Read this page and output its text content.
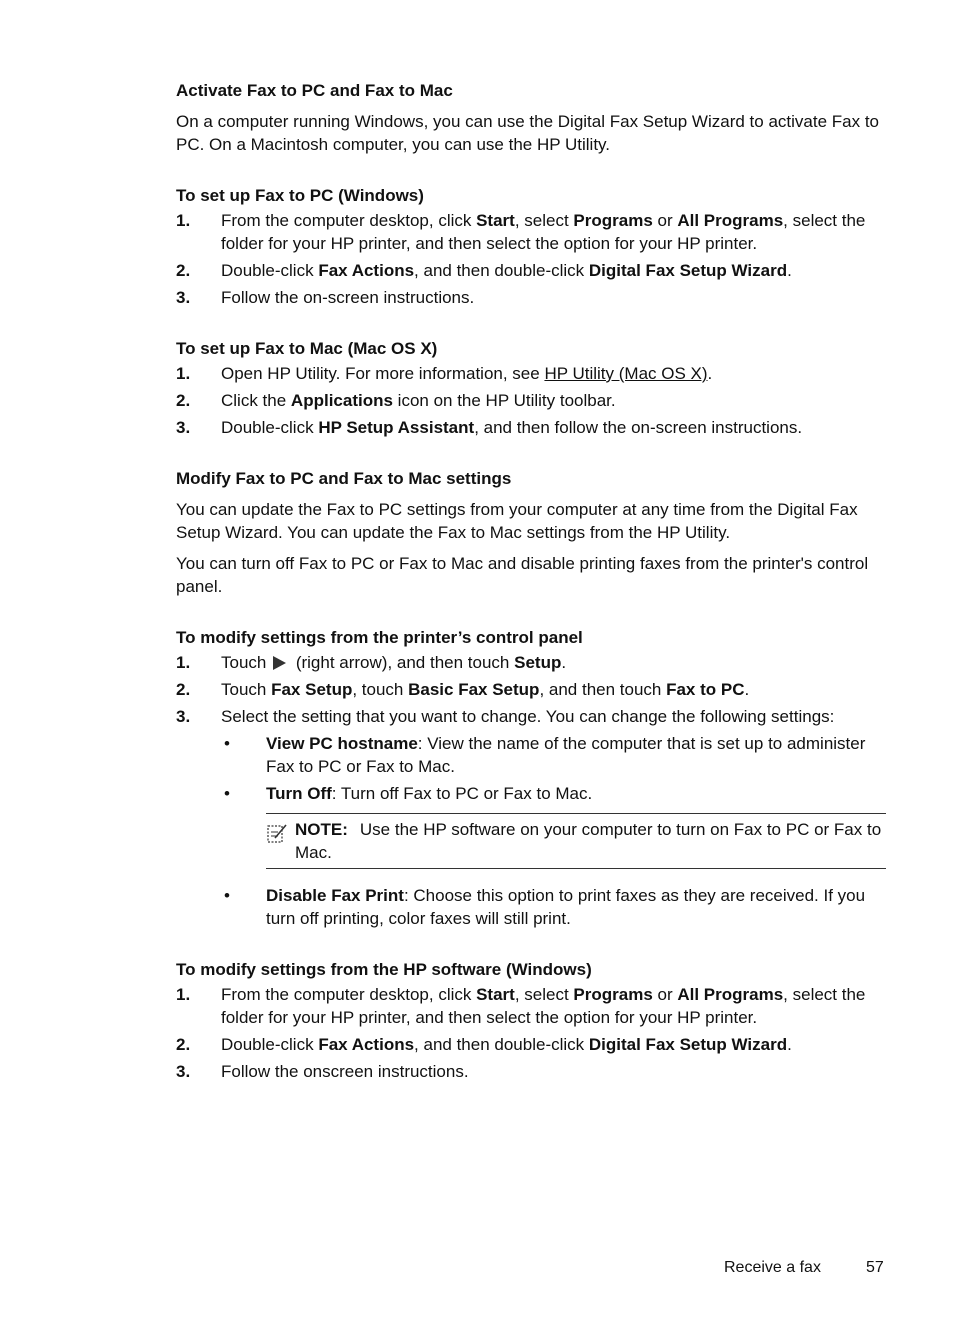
Activate Fax to PC and Fax to Mac

On a computer running Windows, you can use the Digital Fax Setup Wizard to activate Fax to PC. On a Macintosh computer, you can use the HP Utility.

To set up Fax to PC (Windows)
1. From the computer desktop, click Start, select Programs or All Programs, select the folder for your HP printer, and then select the option for your HP printer.
2. Double-click Fax Actions, and then double-click Digital Fax Setup Wizard.
3. Follow the on-screen instructions.
To set up Fax to Mac (Mac OS X)
1. Open HP Utility. For more information, see HP Utility (Mac OS X).
2. Click the Applications icon on the HP Utility toolbar.
3. Double-click HP Setup Assistant, and then follow the on-screen instructions.
Modify Fax to PC and Fax to Mac settings

You can update the Fax to PC settings from your computer at any time from the Digital Fax Setup Wizard. You can update the Fax to Mac settings from the HP Utility.

You can turn off Fax to PC or Fax to Mac and disable printing faxes from the printer's control panel.

To modify settings from the printer’s control panel
1. Touch  (right arrow), and then touch Setup.
2. Touch Fax Setup, touch Basic Fax Setup, and then touch Fax to PC.
3. Select the setting that you want to change. You can change the following settings:
• View PC hostname: View the name of the computer that is set up to administer Fax to PC or Fax to Mac.
• Turn Off: Turn off Fax to PC or Fax to Mac.
NOTE: Use the HP software on your computer to turn on Fax to PC or Fax to Mac.
• Disable Fax Print: Choose this option to print faxes as they are received. If you turn off printing, color faxes will still print.
To modify settings from the HP software (Windows)
1. From the computer desktop, click Start, select Programs or All Programs, select the folder for your HP printer, and then select the option for your HP printer.
2. Double-click Fax Actions, and then double-click Digital Fax Setup Wizard.
3. Follow the onscreen instructions.
Receive a fax	57
